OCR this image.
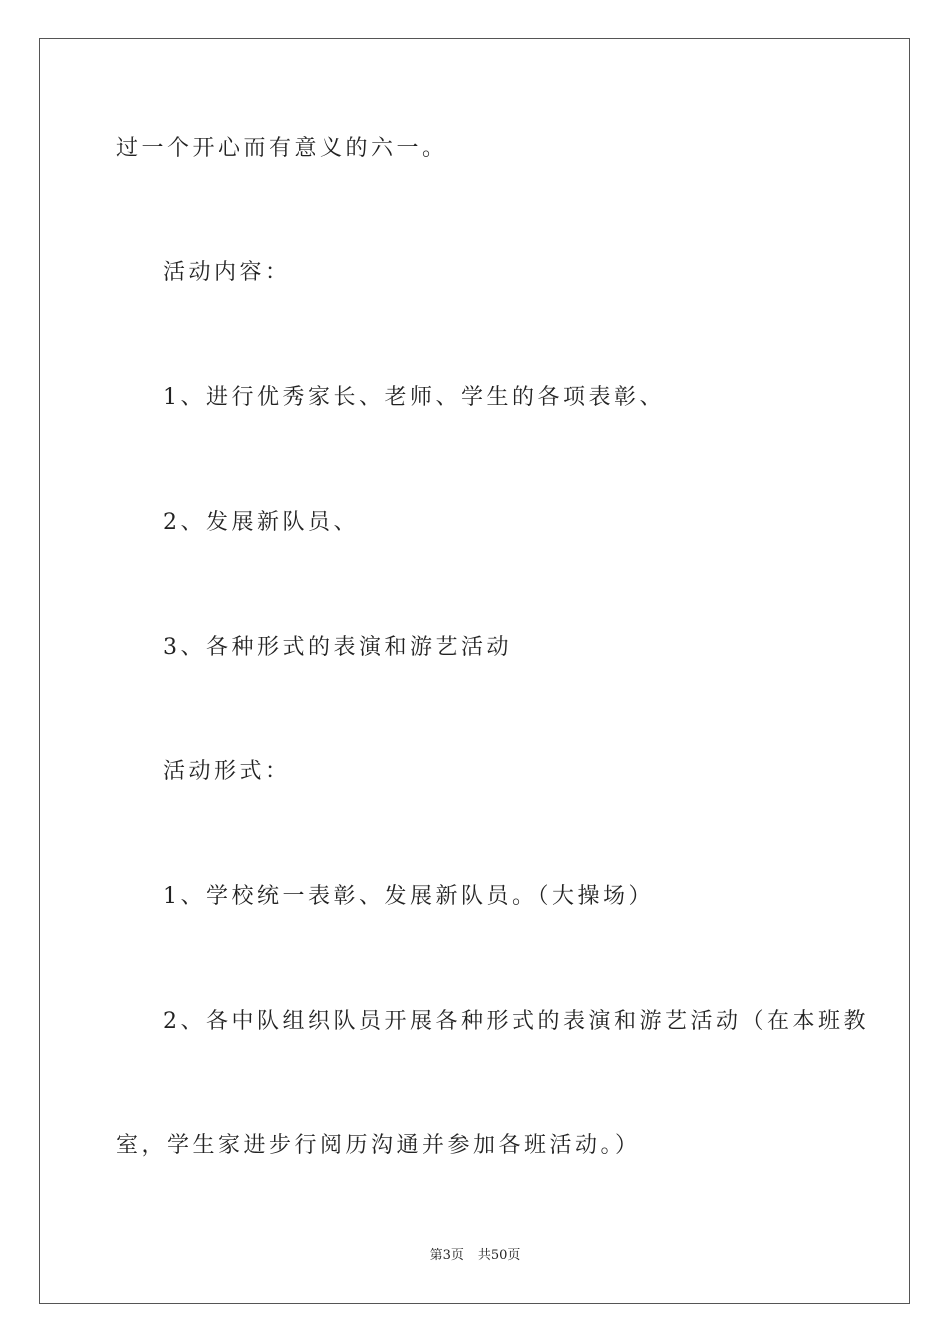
过一个开心而有意义的六一。
活动内容：
1、进行优秀家长、老师、学生的各项表彰、
2、发展新队员、
3、各种形式的表演和游艺活动
活动形式：
1、学校统一表彰、发展新队员。（大操场）
2、各中队组织队员开展各种形式的表演和游艺活动（在本班教
室，学生家进步行阅历沟通并参加各班活动。）
第3页 共50页
